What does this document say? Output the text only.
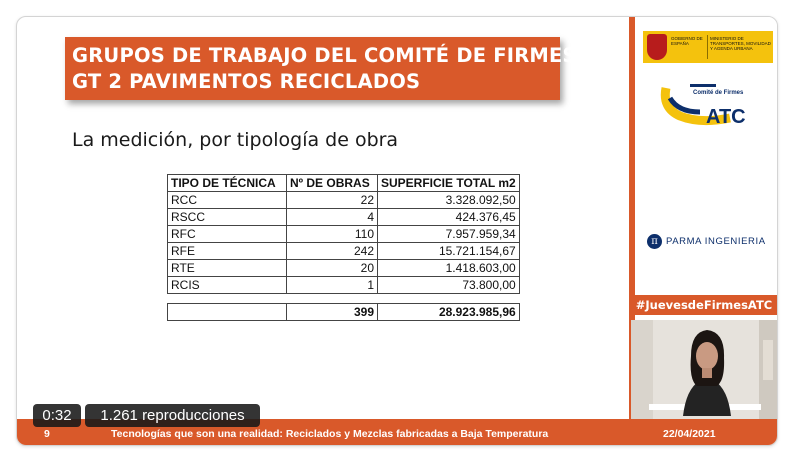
GRUPOS DE TRABAJO DEL COMITÉ DE FIRMES
GT 2 PAVIMENTOS RECICLADOS
La medición, por tipología de obra
TIPO DE TÉCNICA	Nº DE OBRAS	SUPERFICIE TOTAL m2
RCC	22	3.328.092,50
RSCC	4	424.376,45
RFC	110	7.957.959,34
RFE	242	15.721.154,67
RTE	20	1.418.603,00
RCIS	1	73.800,00

	399	28.923.985,96
GOBIERNO DE ESPAÑA
MINISTERIO DE TRANSPORTES, MOVILIDAD Y AGENDA URBANA
Comité de Firmes
ATC
π PARMA INGENIERIA
#JuevesdeFirmesATC
9	Tecnologías que son una realidad: Reciclados y Mezclas fabricadas a Baja Temperatura	22/04/2021
0:32	1.261 reproducciones
